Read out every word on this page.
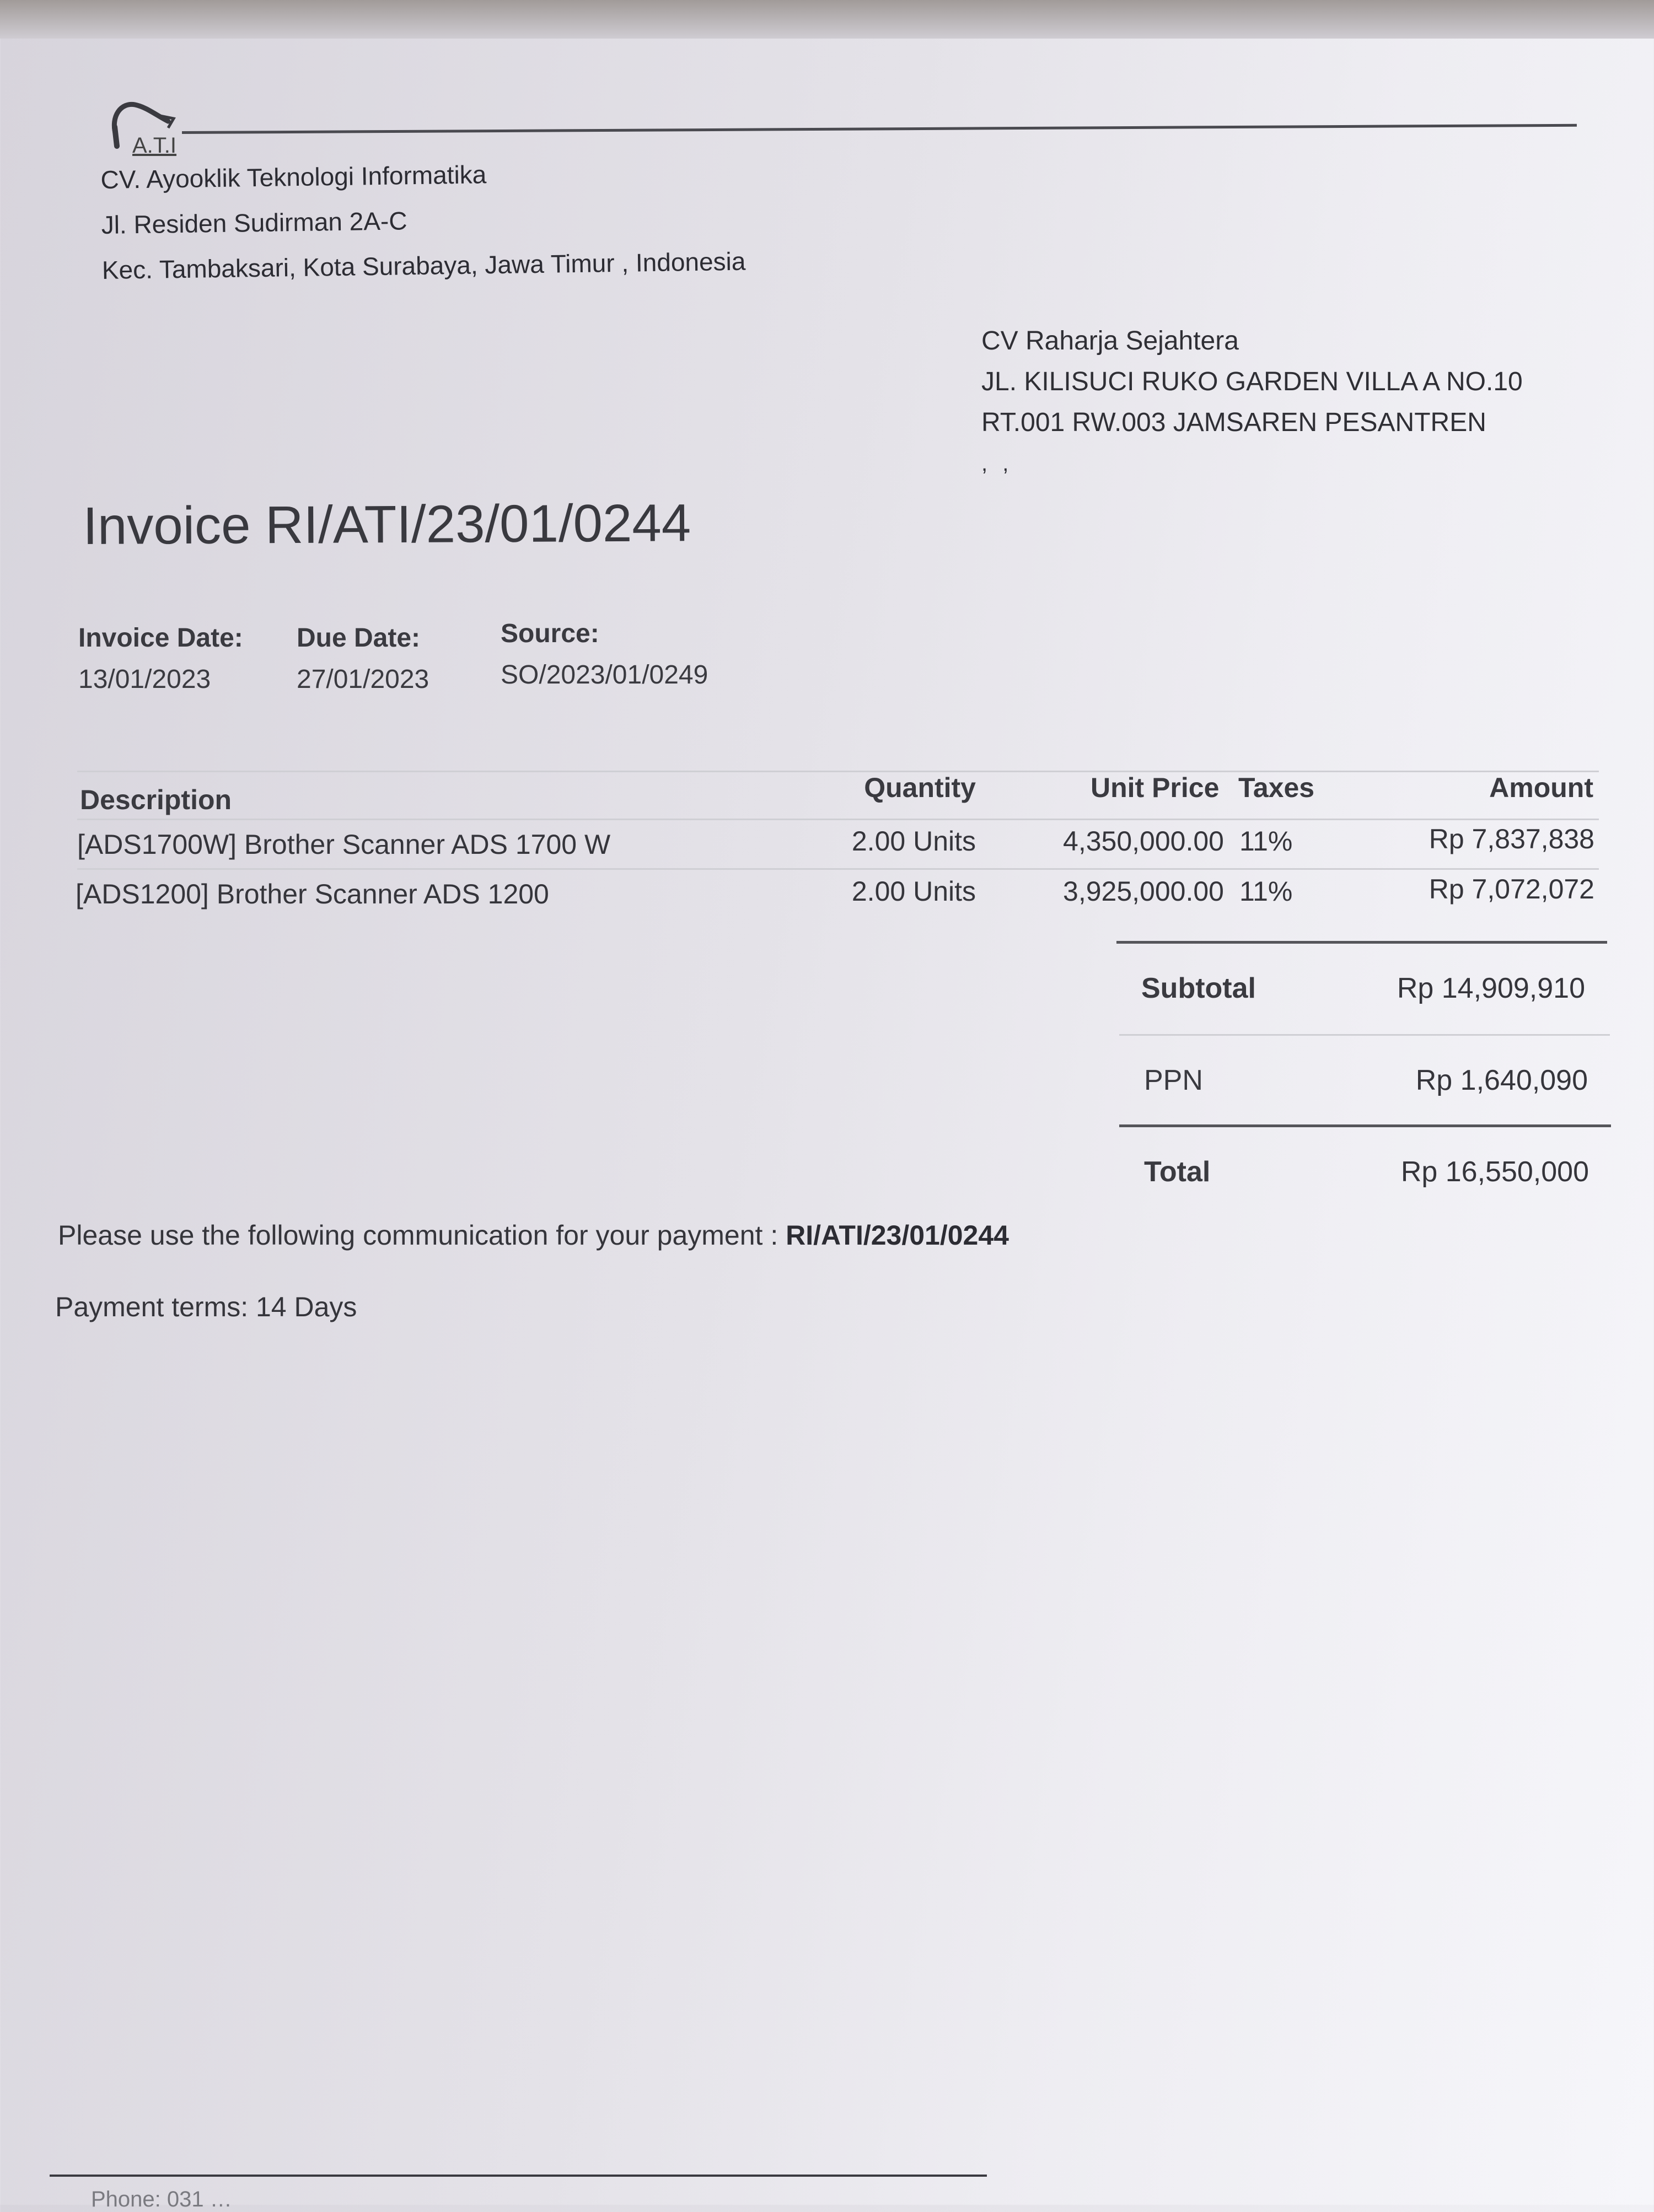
A.T.I
CV. Ayooklik Teknologi Informatika
Jl. Residen Sudirman 2A-C
Kec. Tambaksari, Kota Surabaya, Jawa Timur , Indonesia
CV Raharja Sejahtera
JL. KILISUCI RUKO GARDEN VILLA A NO.10
RT.001 RW.003 JAMSAREN PESANTREN
, ,
Invoice RI/ATI/23/01/0244
Invoice Date:
13/01/2023
Due Date:
27/01/2023
Source:
SO/2023/01/0249
Description	Quantity	Unit Price Taxes	Amount
[ADS1700W] Brother Scanner ADS 1700 W	2.00 Units	4,350,000.00 11%	Rp 7,837,838
[ADS1200] Brother Scanner ADS 1200	2.00 Units	3,925,000.00 11%	Rp 7,072,072
Subtotal	Rp 14,909,910
PPN	Rp 1,640,090
Total	Rp 16,550,000
Please use the following communication for your payment : RI/ATI/23/01/0244
Payment terms: 14 Days
Phone: 031 …
